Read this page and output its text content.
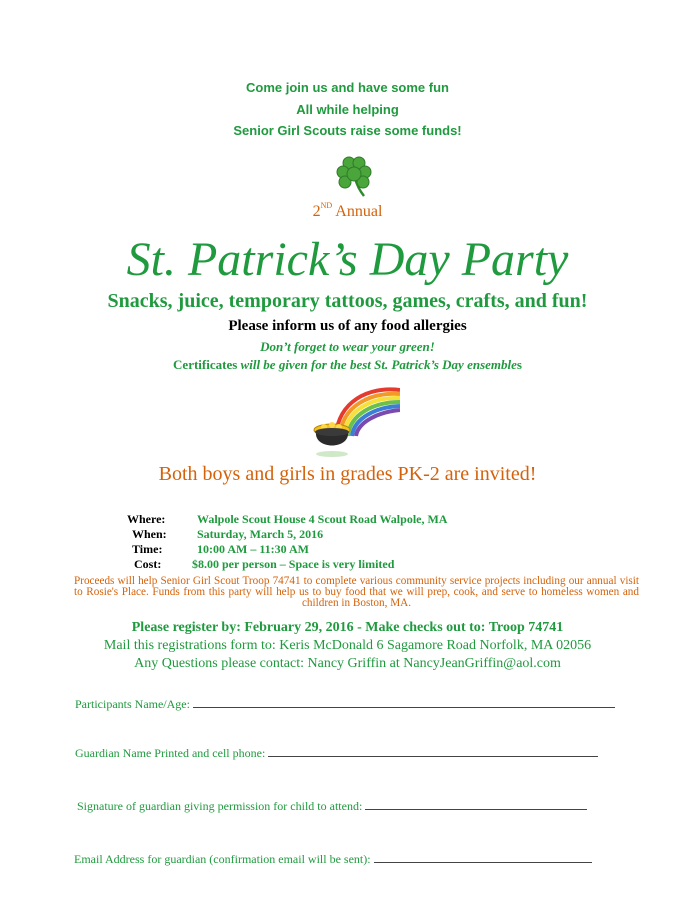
Come join us and have some fun
All while helping
Senior Girl Scouts raise some funds!
2ND Annual
St. Patrick’s Day Party
Snacks, juice, temporary tattoos, games, crafts, and fun!
Please inform us of any food allergies
Don’t forget to wear your green!
Certificates will be given for the best St. Patrick’s Day ensembles
Both boys and girls in grades PK-2 are invited!
Where:	Walpole Scout House 4 Scout Road Walpole, MA
When:	Saturday, March 5, 2016
Time:	10:00 AM – 11:30 AM
Cost:	$8.00 per person – Space is very limited
Proceeds will help Senior Girl Scout Troop 74741 to complete various community service projects including our annual visit to Rosie's Place. Funds from this party will help us to buy food that we will prep, cook, and serve to homeless women and children in Boston, MA.
Please register by: February 29, 2016 - Make checks out to: Troop 74741
Mail this registrations form to: Keris McDonald 6 Sagamore Road Norfolk, MA 02056
Any Questions please contact: Nancy Griffin at NancyJeanGriffin@aol.com
Participants Name/Age:
Guardian Name Printed and cell phone:
Signature of guardian giving permission for child to attend:
Email Address for guardian (confirmation email will be sent):
